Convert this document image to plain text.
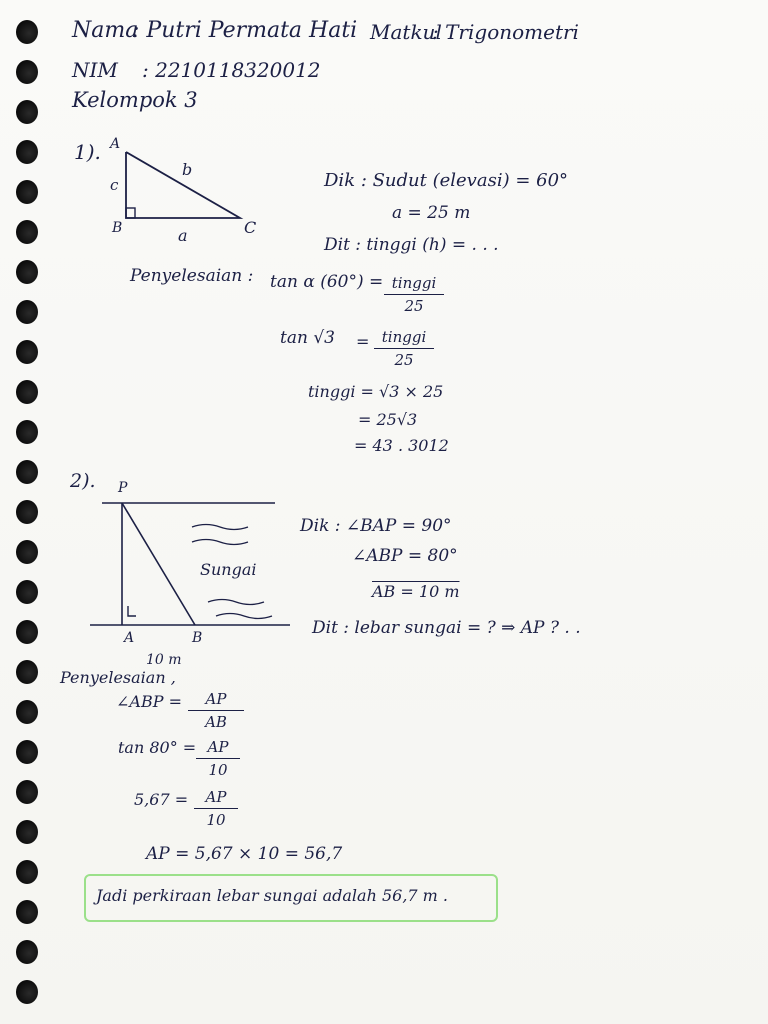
Nama
: Putri Permata Hati Matkul
: Trigonometri
NIM : 2210118320012
Kelompok 3
1). A
c
b
B	a	C
Dik : Sudut (elevasi) = 60°
a = 25 m
Dit : tinggi (h) = . . .
Penyelesaian : tan α (60°) = tinggi
25
tan √3 = tinggi
25
tinggi = √3 × 25
= 25√3
= 43 . 3012
2). P
Sungai
A	B
10 m
Dik : ∠BAP = 90°
∠ABP = 80°
AB = 10 m
Dit : lebar sungai = ? ⇒ AP ? . .
Penyelesaian ,
∠ABP = $\frac{AP}{AB}$
$\tan 80^\circ = \frac{AP}{10}$
$5,67 = \frac{AP}{10}$
AP = 5,67 × 10 = 56,7
Jadi perkiraan lebar sungai adalah 56,7 m .
